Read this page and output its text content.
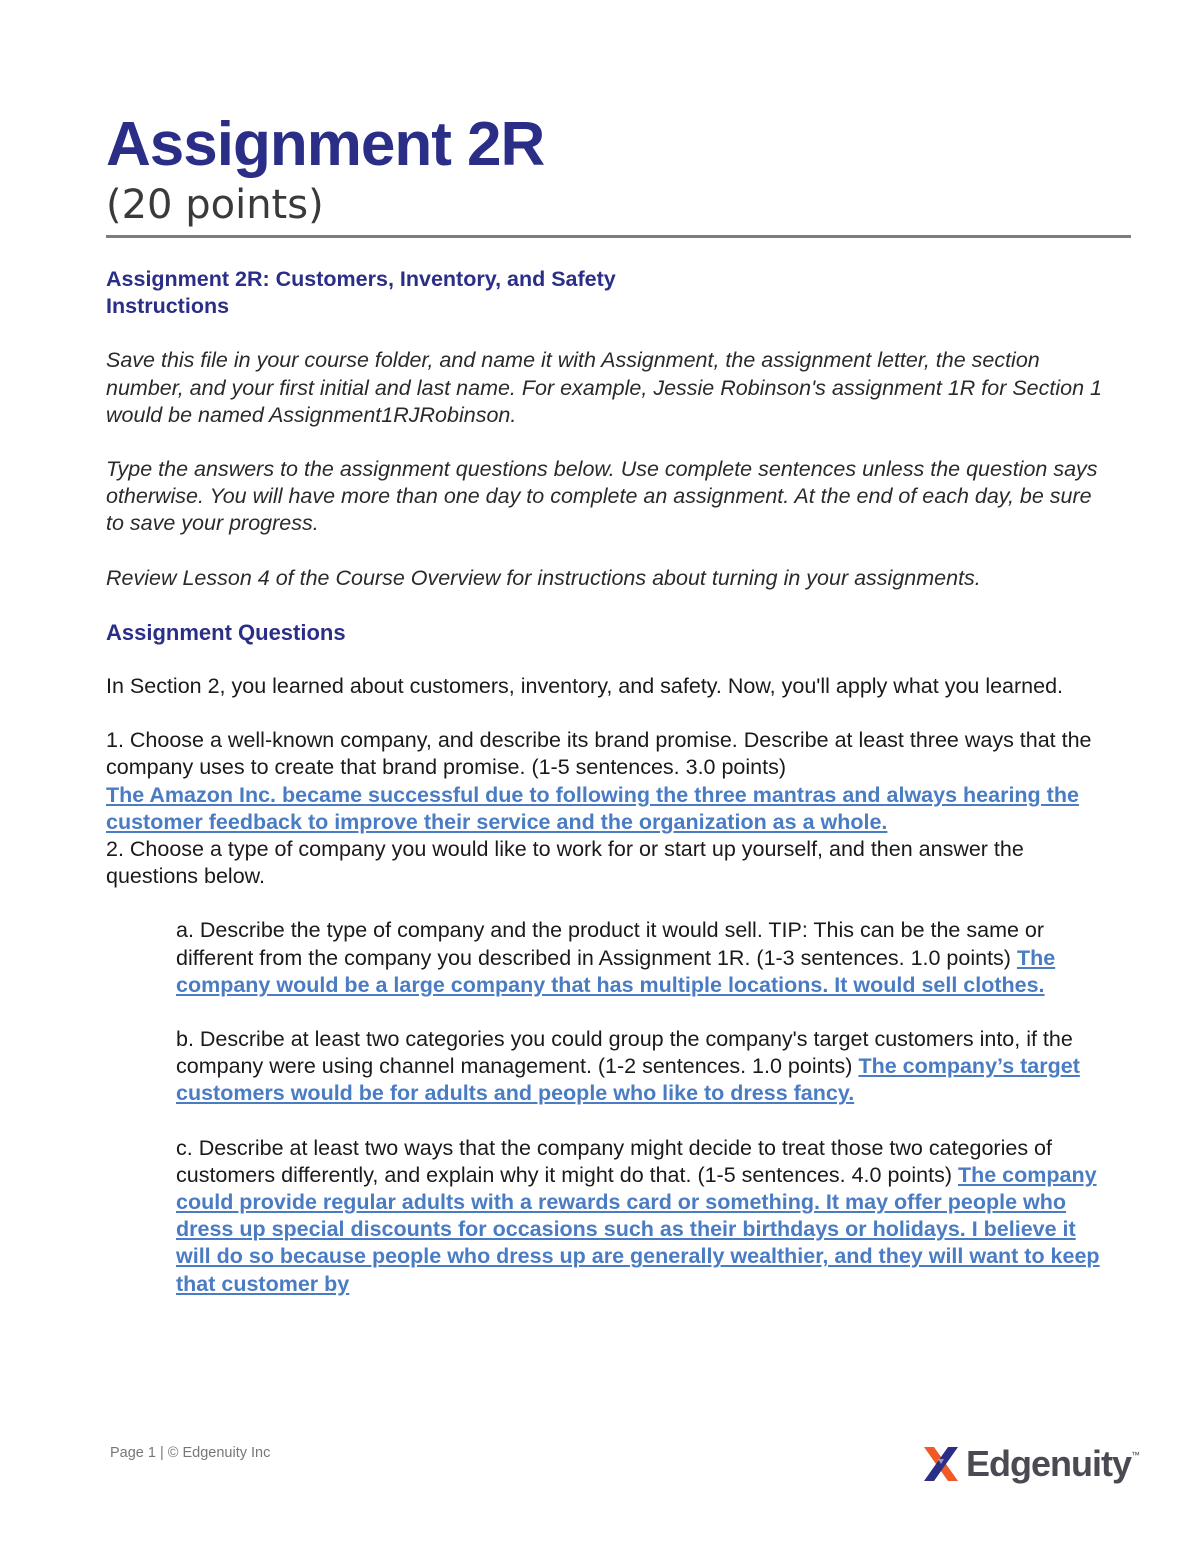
Assignment 2R
(20 points)

Assignment 2R: Customers, Inventory, and Safety

Instructions

Save this file in your course folder, and name it with Assignment, the assignment letter, the section number, and your first initial and last name. For example, Jessie Robinson's assignment 1R for Section 1 would be named Assignment1RJRobinson.

Type the answers to the assignment questions below. Use complete sentences unless the question says otherwise. You will have more than one day to complete an assignment. At the end of each day, be sure to save your progress.

Review Lesson 4 of the Course Overview for instructions about turning in your assignments.

Assignment Questions

In Section 2, you learned about customers, inventory, and safety. Now, you'll apply what you learned.

1. Choose a well-known company, and describe its brand promise. Describe at least three ways that the company uses to create that brand promise. (1-5 sentences. 3.0 points)

The Amazon Inc. became successful due to following the three mantras and always hearing the customer feedback to improve their service and the organization as a whole.

2. Choose a type of company you would like to work for or start up yourself, and then answer the questions below.

a. Describe the type of company and the product it would sell. TIP: This can be the same or different from the company you described in Assignment 1R. (1-3 sentences. 1.0 points) The company would be a large company that has multiple locations. It would sell clothes.
b. Describe at least two categories you could group the company's target customers into, if the company were using channel management. (1-2 sentences. 1.0 points) The company’s target customers would be for adults and people who like to dress fancy.
c. Describe at least two ways that the company might decide to treat those two categories of customers differently, and explain why it might do that. (1-5 sentences. 4.0 points) The company could provide regular adults with a rewards card or something. It may offer people who dress up special discounts for occasions such as their birthdays or holidays. I believe it will do so because people who dress up are generally wealthier, and they will want to keep that customer by
Page 1 | © Edgenuity Inc	Edgenuity ™
